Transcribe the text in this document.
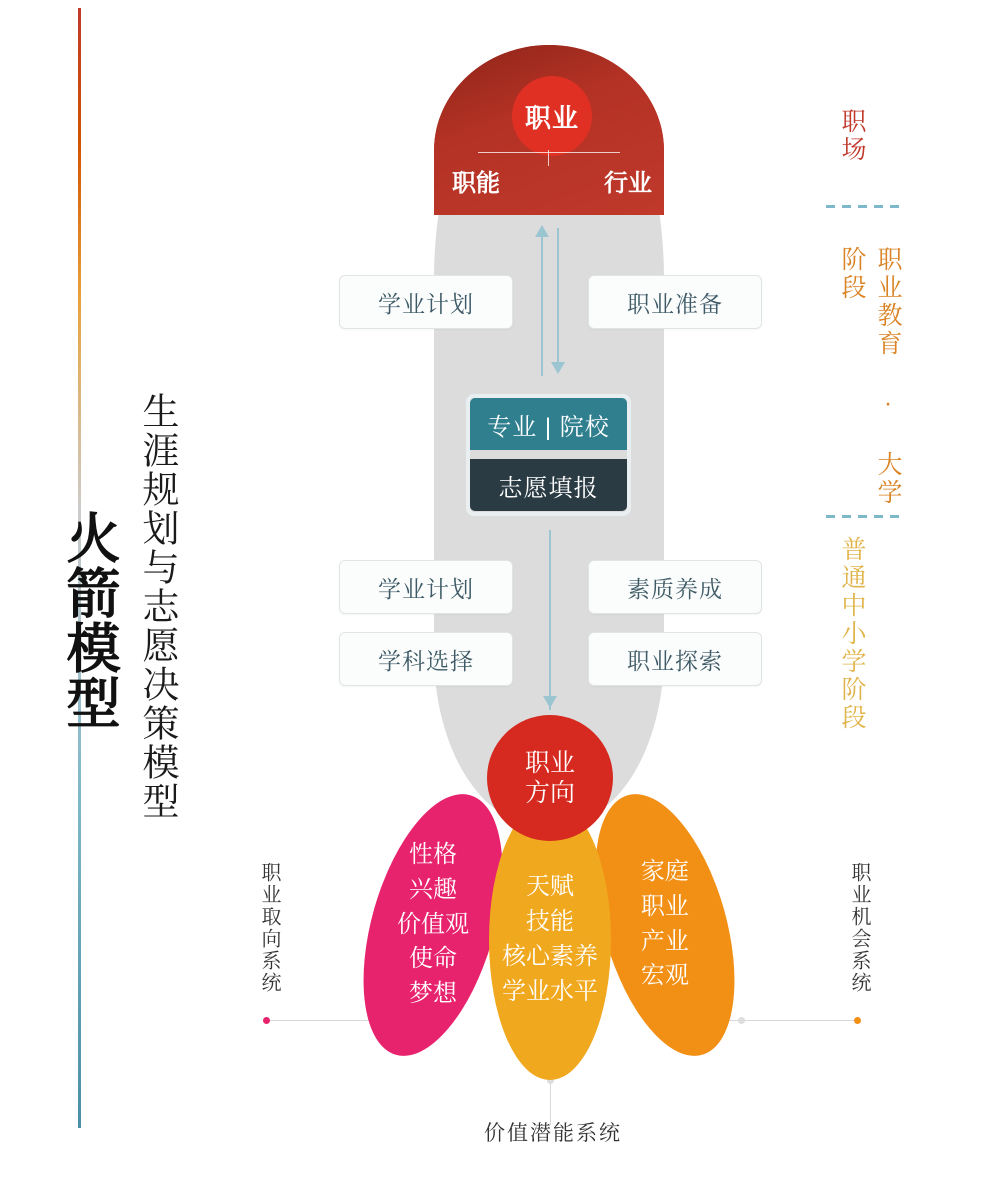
火箭模型 生涯规划与志愿决策模型
职业
职能	行业
学业计划	职业准备
专业 | 院校
志愿填报
学业计划	素质养成
学科选择	职业探索
性格
兴趣
价值观
使命
梦想
家庭
职业
产业
宏观
天赋
技能
核心素养
学业水平
职业
方向
职场
职业教育 · 大学阶段
普通中小学阶段
职业取向系统	职业机会系统
价值潜能系统
